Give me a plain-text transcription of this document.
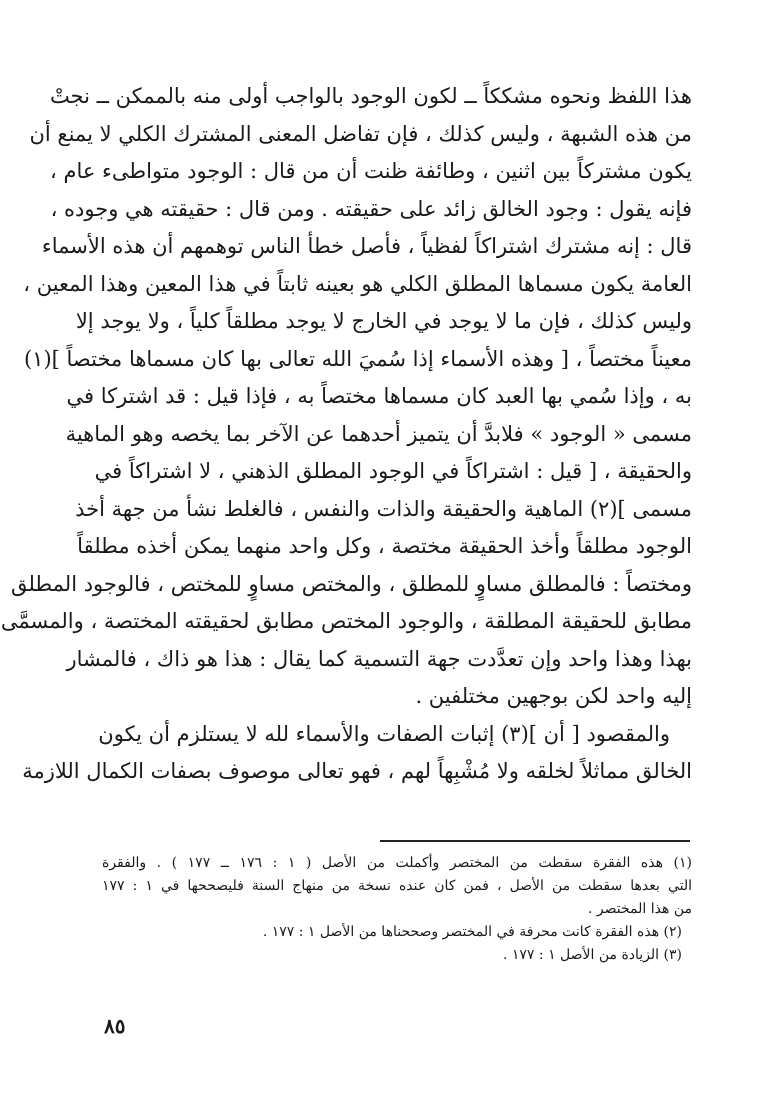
هذا اللفظ ونحوه مشككاً ــ لكون الوجود بالواجب أولى منه بالممكن ــ نجتْ
من هذه الشبهة ، وليس كذلك ، فإن تفاضل المعنى المشترك الكلي لا يمنع أن
يكون مشتركاً بين اثنين ، وطائفة ظنت أن من قال : الوجود متواطىء عام ،
فإنه يقول : وجود الخالق زائد على حقيقته . ومن قال : حقيقته هي وجوده ،
قال : إنه مشترك اشتراكاً لفظياً ، فأصل خطأ الناس توهمهم أن هذه الأسماء
العامة يكون مسماها المطلق الكلي هو بعينه ثابتاً في هذا المعين وهذا المعين ،
وليس كذلك ، فإن ما لا يوجد في الخارج لا يوجد مطلقاً كلياً ، ولا يوجد إلا
معيناً مختصاً ، [ وهذه الأسماء إذا سُميَ الله تعالى بها كان مسماها مختصاً ](١)
به ، وإذا سُمي بها العبد كان مسماها مختصاً به ، فإذا قيل : قد اشتركا في
مسمى « الوجود » فلابدَّ أن يتميز أحدهما عن الآخر بما يخصه وهو الماهية
والحقيقة ، [ قيل : اشتراكاً في الوجود المطلق الذهني ، لا اشتراكاً في
مسمى ](٢) الماهية والحقيقة والذات والنفس ، فالغلط نشأ من جهة أخذ
الوجود مطلقاً وأخذ الحقيقة مختصة ، وكل واحد منهما يمكن أخذه مطلقاً
ومختصاً : فالمطلق مساوٍ للمطلق ، والمختص مساوٍ للمختص ، فالوجود المطلق
مطابق للحقيقة المطلقة ، والوجود المختص مطابق لحقيقته المختصة ، والمسمَّى
بهذا وهذا واحد وإن تعدَّدت جهة التسمية كما يقال : هذا هو ذاك ، فالمشار
إليه واحد لكن بوجهين مختلفين .
والمقصود [ أن ](٣) إثبات الصفات والأسماء لله لا يستلزم أن يكون
الخالق مماثلاً لخلقه ولا مُشْبِهاً لهم ، فهو تعالى موصوف بصفات الكمال اللازمة
(١) هذه الفقرة سقطت من المختصر وأكملت من الأصل ( ١ : ١٧٦ ــ ١٧٧ ) . والفقرة
التي بعدها سقطت من الأصل ، فمن كان عنده نسخة من منهاج السنة فليصححها في ١ : ١٧٧
من هذا المختصر .
(٢) هذه الفقرة كانت محرفة في المختصر وصححناها من الأصل ١ : ١٧٧ .
(٣) الزيادة من الأصل ١ : ١٧٧ .
٨٥
